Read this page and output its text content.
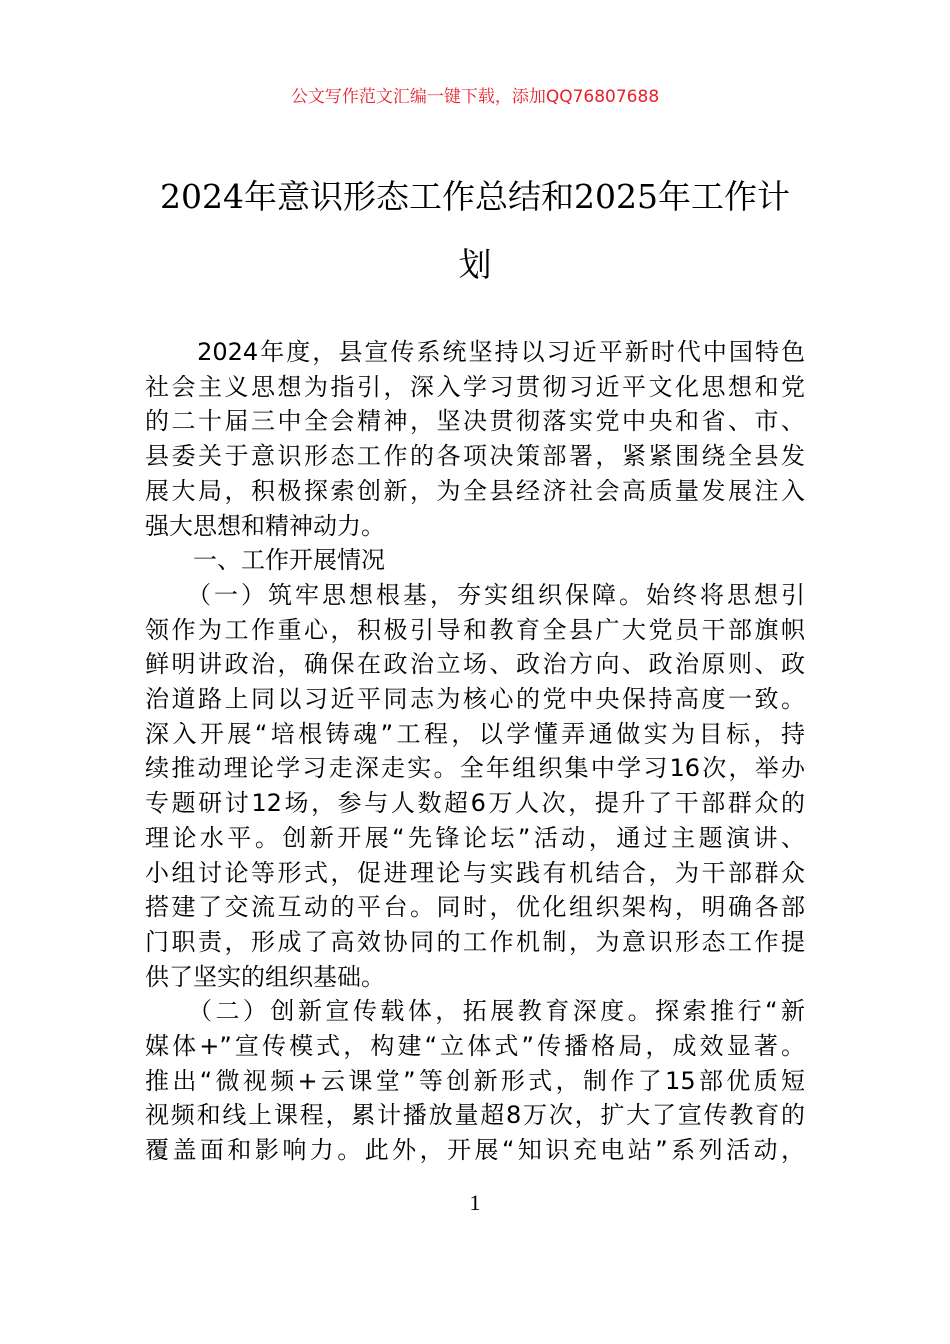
公文写作范文汇编一键下载，添加QQ76807688
2024年意识形态工作总结和2025年工作计
划
　　2024年度，县宣传系统坚持以习近平新时代中国特色
社会主义思想为指引，深入学习贯彻习近平文化思想和党
的二十届三中全会精神，坚决贯彻落实党中央和省、市、
县委关于意识形态工作的各项决策部署，紧紧围绕全县发
展大局，积极探索创新，为全县经济社会高质量发展注入
强大思想和精神动力。
　　一、工作开展情况
　　（一）筑牢思想根基，夯实组织保障。始终将思想引
领作为工作重心，积极引导和教育全县广大党员干部旗帜
鲜明讲政治，确保在政治立场、政治方向、政治原则、政
治道路上同以习近平同志为核心的党中央保持高度一致。
深入开展“培根铸魂”工程，以学懂弄通做实为目标，持
续推动理论学习走深走实。全年组织集中学习16次，举办
专题研讨12场，参与人数超6万人次，提升了干部群众的
理论水平。创新开展“先锋论坛”活动，通过主题演讲、
小组讨论等形式，促进理论与实践有机结合，为干部群众
搭建了交流互动的平台。同时，优化组织架构，明确各部
门职责，形成了高效协同的工作机制，为意识形态工作提
供了坚实的组织基础。
　　（二）创新宣传载体，拓展教育深度。探索推行“新
媒体+”宣传模式，构建“立体式”传播格局，成效显著。
推出“微视频+云课堂”等创新形式，制作了15部优质短
视频和线上课程，累计播放量超8万次，扩大了宣传教育的
覆盖面和影响力。此外，开展“知识充电站”系列活动，
1
